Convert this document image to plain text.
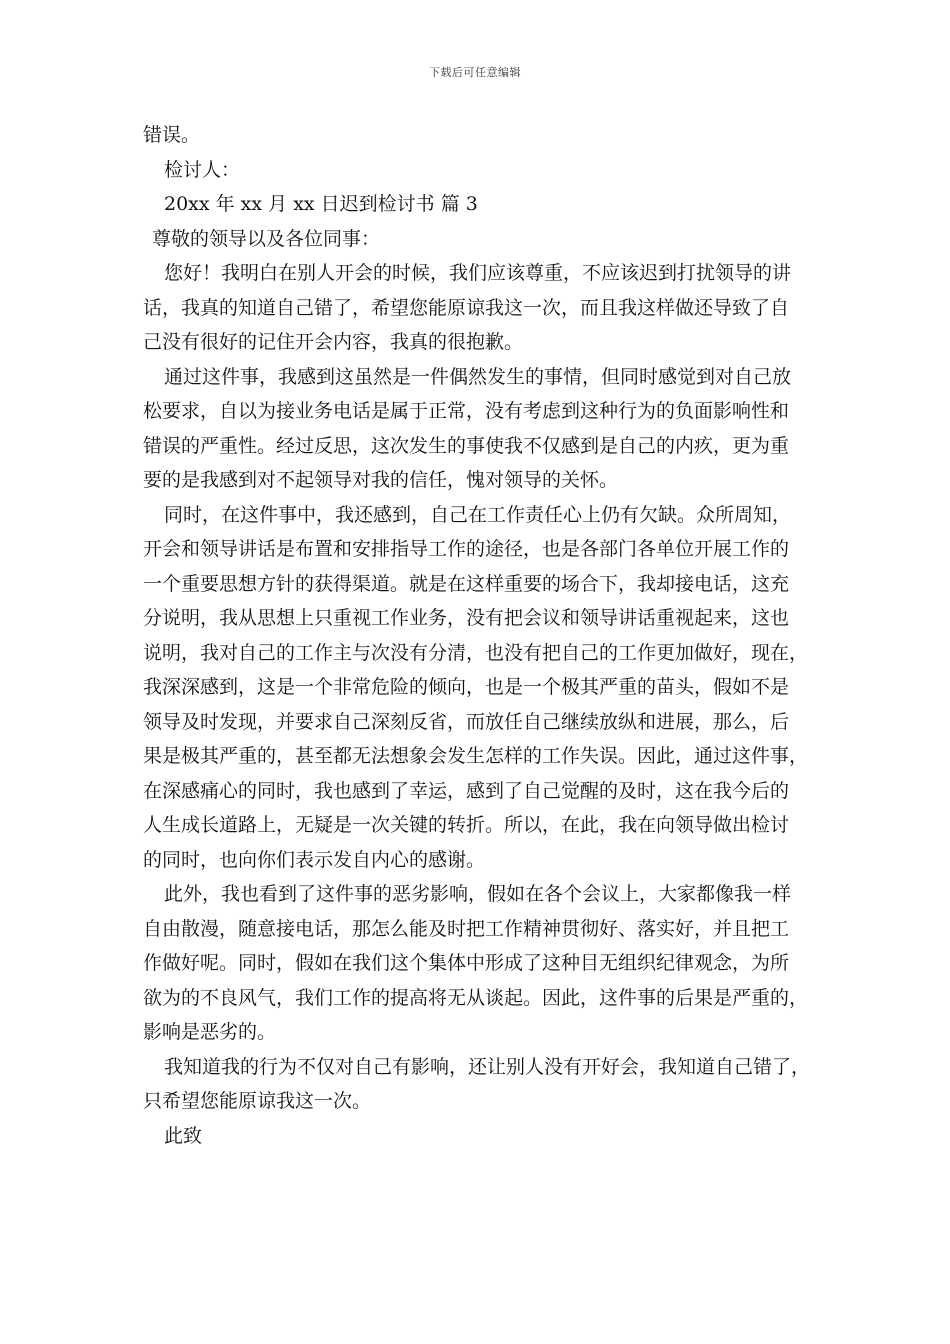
下载后可任意编辑
错误。
检讨人：
20xx 年 xx 月 xx 日迟到检讨书 篇 3
尊敬的领导以及各位同事：
您好！我明白在别人开会的时候，我们应该尊重，不应该迟到打扰领导的讲
话，我真的知道自己错了，希望您能原谅我这一次，而且我这样做还导致了自
己没有很好的记住开会内容，我真的很抱歉。
通过这件事，我感到这虽然是一件偶然发生的事情，但同时感觉到对自己放
松要求，自以为接业务电话是属于正常，没有考虑到这种行为的负面影响性和
错误的严重性。经过反思，这次发生的事使我不仅感到是自己的内疚，更为重
要的是我感到对不起领导对我的信任，愧对领导的关怀。
同时，在这件事中，我还感到，自己在工作责任心上仍有欠缺。众所周知，
开会和领导讲话是布置和安排指导工作的途径，也是各部门各单位开展工作的
一个重要思想方针的获得渠道。就是在这样重要的场合下，我却接电话，这充
分说明，我从思想上只重视工作业务，没有把会议和领导讲话重视起来，这也
说明，我对自己的工作主与次没有分清，也没有把自己的工作更加做好，现在，
我深深感到，这是一个非常危险的倾向，也是一个极其严重的苗头，假如不是
领导及时发现，并要求自己深刻反省，而放任自己继续放纵和进展，那么，后
果是极其严重的，甚至都无法想象会发生怎样的工作失误。因此，通过这件事，
在深感痛心的同时，我也感到了幸运，感到了自己觉醒的及时，这在我今后的
人生成长道路上，无疑是一次关键的转折。所以，在此，我在向领导做出检讨
的同时，也向你们表示发自内心的感谢。
此外，我也看到了这件事的恶劣影响，假如在各个会议上，大家都像我一样
自由散漫，随意接电话，那怎么能及时把工作精神贯彻好、落实好，并且把工
作做好呢。同时，假如在我们这个集体中形成了这种目无组织纪律观念，为所
欲为的不良风气，我们工作的提高将无从谈起。因此，这件事的后果是严重的，
影响是恶劣的。
我知道我的行为不仅对自己有影响，还让别人没有开好会，我知道自己错了，
只希望您能原谅我这一次。
此致
